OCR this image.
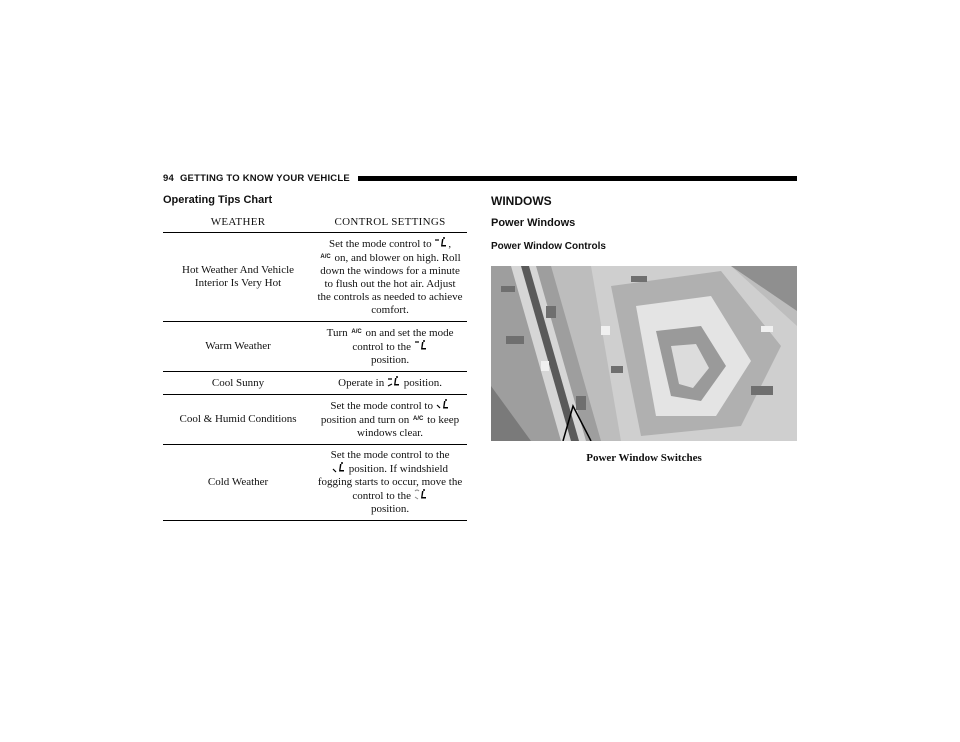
94 GETTING TO KNOW YOUR VEHICLE
Operating Tips Chart
WEATHER	CONTROL SETTINGS
Hot Weather And Vehicle Interior Is Very Hot	Set the mode control to ,
A/C on, and blower on high. Roll down the windows for a minute to flush out the hot air. Adjust the controls as needed to achieve comfort.
Warm Weather	Turn A/C on and set the mode control to the
position.
Cool Sunny	Operate in position.
Cool & Humid Conditions	Set the mode control to
position and turn on A/C to keep windows clear.
Cold Weather	Set the mode control to the
position. If windshield fogging starts to occur, move the control to the
position.
WINDOWS
Power Windows
Power Window Controls
Power Window Switches
